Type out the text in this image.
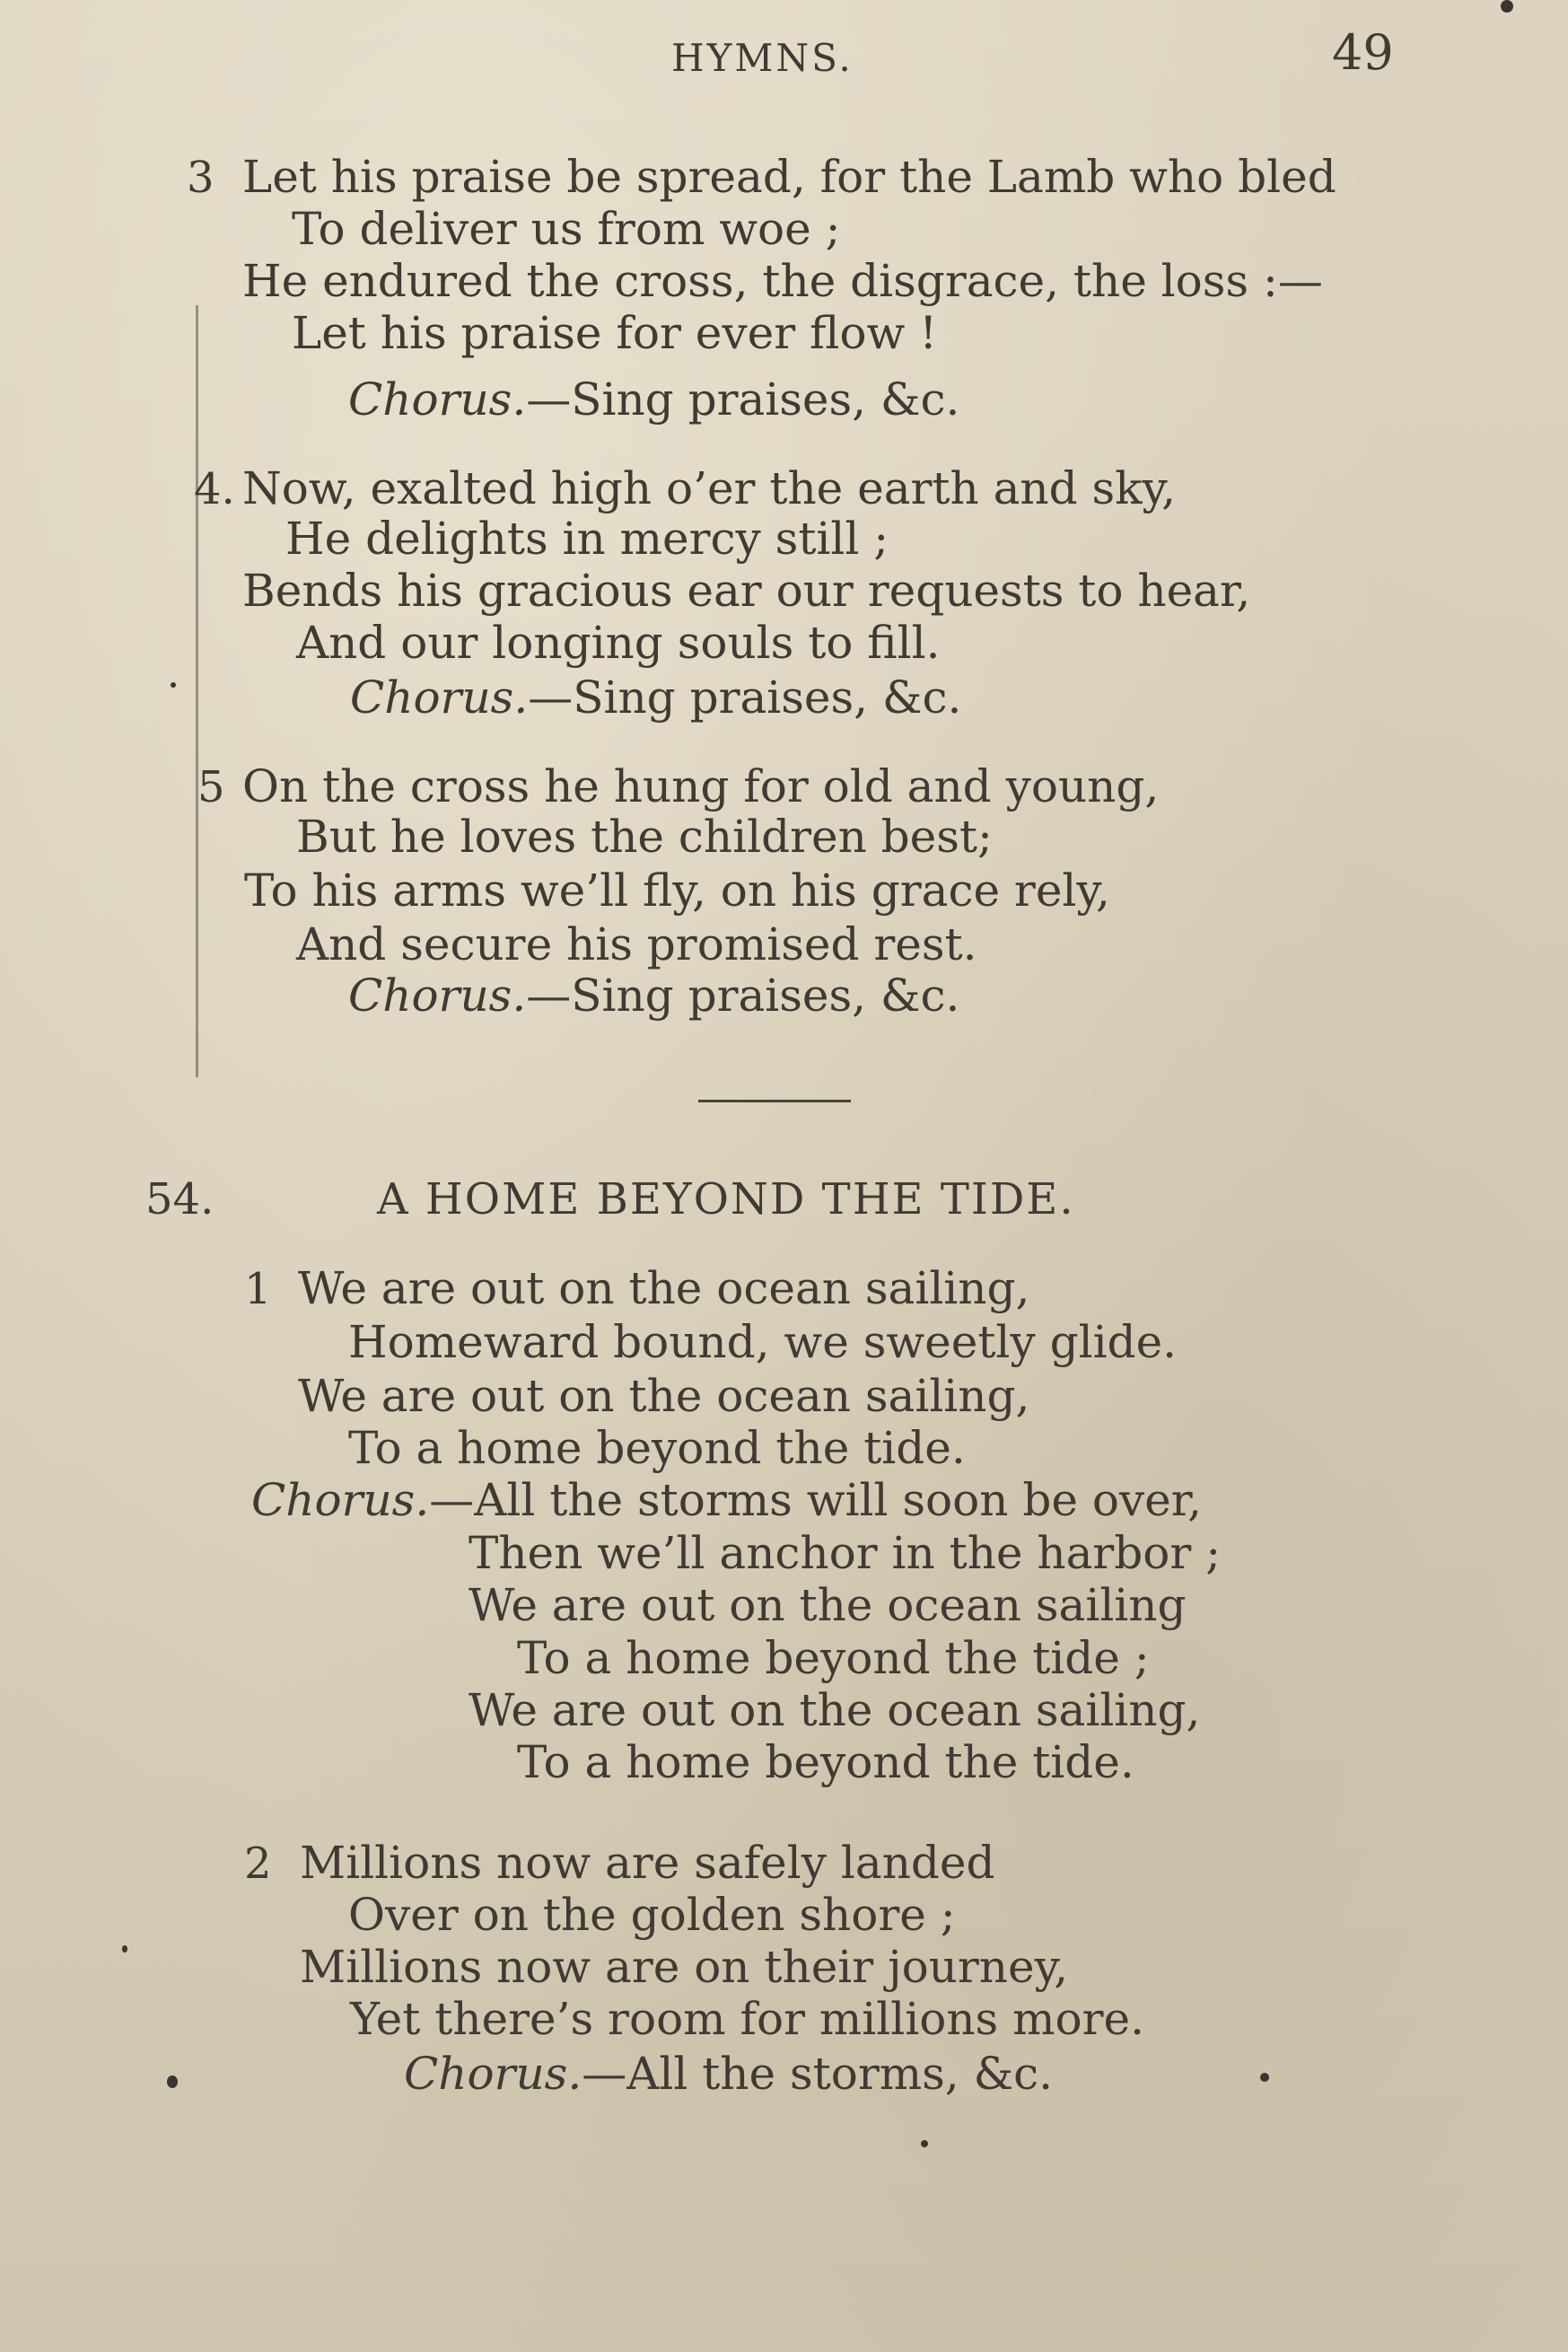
HYMNS.	49
3 Let his praise be spread, for the Lamb who bled
To deliver us from woe ;
He endured the cross, the disgrace, the loss :—
Let his praise for ever flow !
Chorus.—Sing praises, &c.
4. Now, exalted high o’er the earth and sky,
He delights in mercy still ;
Bends his gracious ear our requests to hear,
And our longing souls to fill.
Chorus.—Sing praises, &c.
5 On the cross he hung for old and young,
But he loves the children best;
To his arms we’ll fly, on his grace rely,
And secure his promised rest.
Chorus.—Sing praises, &c.
54.	A HOME BEYOND THE TIDE.
1 We are out on the ocean sailing,
Homeward bound, we sweetly glide.
We are out on the ocean sailing,
To a home beyond the tide.
Chorus.—All the storms will soon be over,
Then we’ll anchor in the harbor ;
We are out on the ocean sailing
To a home beyond the tide ;
We are out on the ocean sailing,
To a home beyond the tide.
2 Millions now are safely landed
Over on the golden shore ;
Millions now are on their journey,
Yet there’s room for millions more.
Chorus.—All the storms, &c.
